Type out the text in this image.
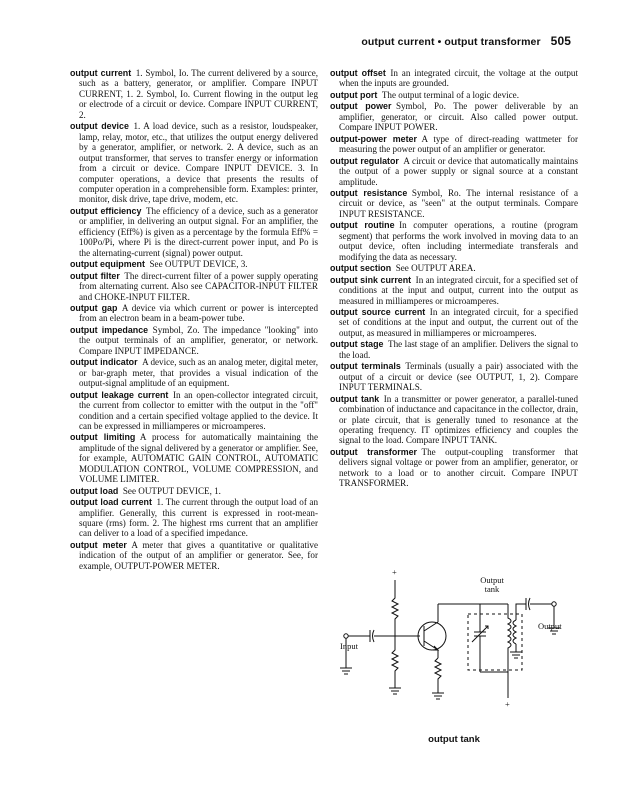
output current • output transformer 505

output current  1. Symbol, Io. The current delivered by a source, such as a battery, generator, or amplifier. Compare INPUT CURRENT, 1. 2. Symbol, Io. Current flowing in the output leg or electrode of a circuit or device. Compare INPUT CURRENT, 2.

output device  1. A load device, such as a resistor, loudspeaker, lamp, relay, motor, etc., that utilizes the output energy delivered by a generator, amplifier, or network. 2. A device, such as an output transformer, that serves to transfer energy or information from a circuit or device. Compare INPUT DEVICE. 3. In computer operations, a device that presents the results of computer operation in a comprehensible form. Examples: printer, monitor, disk drive, tape drive, modem, etc.

output efficiency  The efficiency of a device, such as a generator or amplifier, in delivering an output signal. For an amplifier, the efficiency (Eff%) is given as a percentage by the formula Eff% = 100Po/Pi, where Pi is the direct-current power input, and Po is the alternating-current (signal) power output.

output equipment  See OUTPUT DEVICE, 3.

output filter  The direct-current filter of a power supply operating from alternating current. Also see CAPACITOR-INPUT FILTER and CHOKE-INPUT FILTER.

output gap  A device via which current or power is intercepted from an electron beam in a beam-power tube.

output impedance  Symbol, Zo. The impedance "looking" into the output terminals of an amplifier, generator, or network. Compare INPUT IMPEDANCE.

output indicator  A device, such as an analog meter, digital meter, or bar-graph meter, that provides a visual indication of the output-signal amplitude of an equipment.

output leakage current  In an open-collector integrated circuit, the current from collector to emitter with the output in the "off" condition and a certain specified voltage applied to the device. It can be expressed in milliamperes or microamperes.

output limiting  A process for automatically maintaining the amplitude of the signal delivered by a generator or amplifier. See, for example, AUTOMATIC GAIN CONTROL, AUTOMATIC MODULATION CONTROL, VOLUME COMPRESSION, and VOLUME LIMITER.

output load  See OUTPUT DEVICE, 1.

output load current  1. The current through the output load of an amplifier. Generally, this current is expressed in root-mean-square (rms) form. 2. The highest rms current that an amplifier can deliver to a load of a specified impedance.

output meter  A meter that gives a quantitative or qualitative indication of the output of an amplifier or generator. See, for example, OUTPUT-POWER METER.

output offset  In an integrated circuit, the voltage at the output when the inputs are grounded.

output port  The output terminal of a logic device.

output power  Symbol, Po. The power deliverable by an amplifier, generator, or circuit. Also called power output. Compare INPUT POWER.

output-power meter  A type of direct-reading wattmeter for measuring the power output of an amplifier or generator.

output regulator  A circuit or device that automatically maintains the output of a power supply or signal source at a constant amplitude.

output resistance  Symbol, Ro. The internal resistance of a circuit or device, as "seen" at the output terminals. Compare INPUT RESISTANCE.

output routine  In computer operations, a routine (program segment) that performs the work involved in moving data to an output device, often including intermediate transferals and modifying the data as necessary.

output section  See OUTPUT AREA.

output sink current  In an integrated circuit, for a specified set of conditions at the input and output, current into the output as measured in milliamperes or microamperes.

output source current  In an integrated circuit, for a specified set of conditions at the input and output, the current out of the output, as measured in milliamperes or microamperes.

output stage  The last stage of an amplifier. Delivers the signal to the load.

output terminals  Terminals (usually a pair) associated with the output of a circuit or device (see OUTPUT, 1, 2). Compare INPUT TERMINALS.

output tank  In a transmitter or power generator, a parallel-tuned combination of inductance and capacitance in the collector, drain, or plate circuit, that is generally tuned to resonance at the operating frequency. IT optimizes efficiency and couples the signal to the load. Compare INPUT TANK.

output transformer  The output-coupling transformer that delivers signal voltage or power from an amplifier, generator, or network to a load or to another circuit. Compare INPUT TRANSFORMER.

+
+
Output tank
Output
Input
output tank
